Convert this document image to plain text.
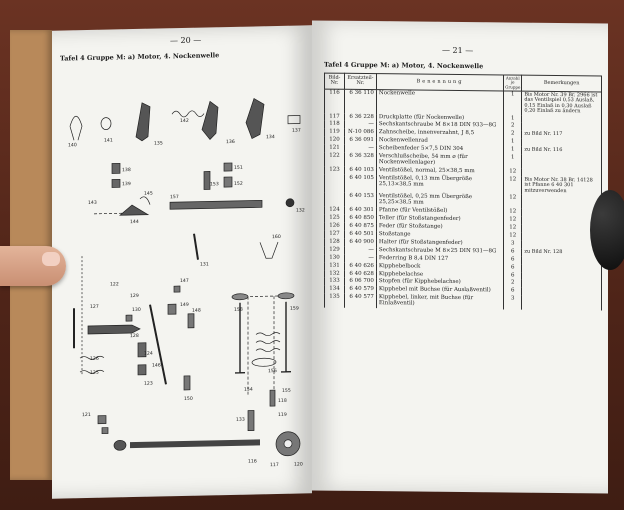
— 20 —
Tafel 4 Gruppe M: a) Motor, 4. Nockenwelle
140
141
135
142
136
134
137
138
139	153
151
152
157
143
144
145
132
131
160
122
129
130
147
148
149
128
158	159
156
155
154
127
126
125
146
123
124
121
150
133
118
119
116
117	120
— 21 —
Tafel 4 Gruppe M: a) Motor, 4. Nockenwelle
Bild-Nr.	Ersatzteil-Nr.	Benennung	Anzahl je Gruppe	Bemerkungen
116	6 36 110	Nockenwelle	1	Bis Motor Nr. 39 Br. 2966 ist das Ventilspiel 0,53 Auslaß, 0,15 Einlaß in 0,30 Auslaß 0,20 Einlaß zu ändern
117	6 36 228	Druckplatte (für Nockenwelle)	1	
118	—	Sechskantschraube M 8×18 DIN 933—8G	2	
119	N-10 086	Zahnscheibe, innenverzahnt, J 8,5	2	zu Bild Nr. 117
120	6 36 091	Nockenwellenrad	1	
121	—	Scheibenfeder 5×7,5 DIN 304	1	zu Bild Nr. 116
122	6 36 328	Verschlußscheibe, 54 mm ⌀ (für Nockenwellenlager)	1	
123	6 40 103	Ventilstößel, normal, 25×38,5 mm	12	
	6 40 105	Ventilstößel, 0,13 mm Übergröße 25,13×38,5 mm	12	Bis Motor Nr. 38 Br. 14128 ist Pfanne 6 40 301 mitzuverwenden
	6 40 153	Ventilstößel, 0,25 mm Übergröße 25,25×38,5 mm	12	
124	6 40 301	Pfanne (für Ventilstößel)	12	
125	6 40 850	Teller (für Stoßstangenfeder)	12	
126	6 40 875	Feder (für Stoßstange)	12	
127	6 40 501	Stoßstange	12	
128	6 40 900	Halter (für Stoßstangenfeder)	3	
129	—	Sechskantschraube M 8×25 DIN 931—8G	6	zu Bild Nr. 128
130	—	Federring B 8,4 DIN 127	6	
131	6 40 626	Kipphebelbock	6	
132	6 40 628	Kipphebelachse	6	
133	6 06 700	Stopfen (für Kipphebelachse)	2	
134	6 40 579	Kipphebel mit Buchse (für Auslaßventil)	6	
135	6 40 577	Kipphebel, linker, mit Buchse (für Einlaßventil)	3	
